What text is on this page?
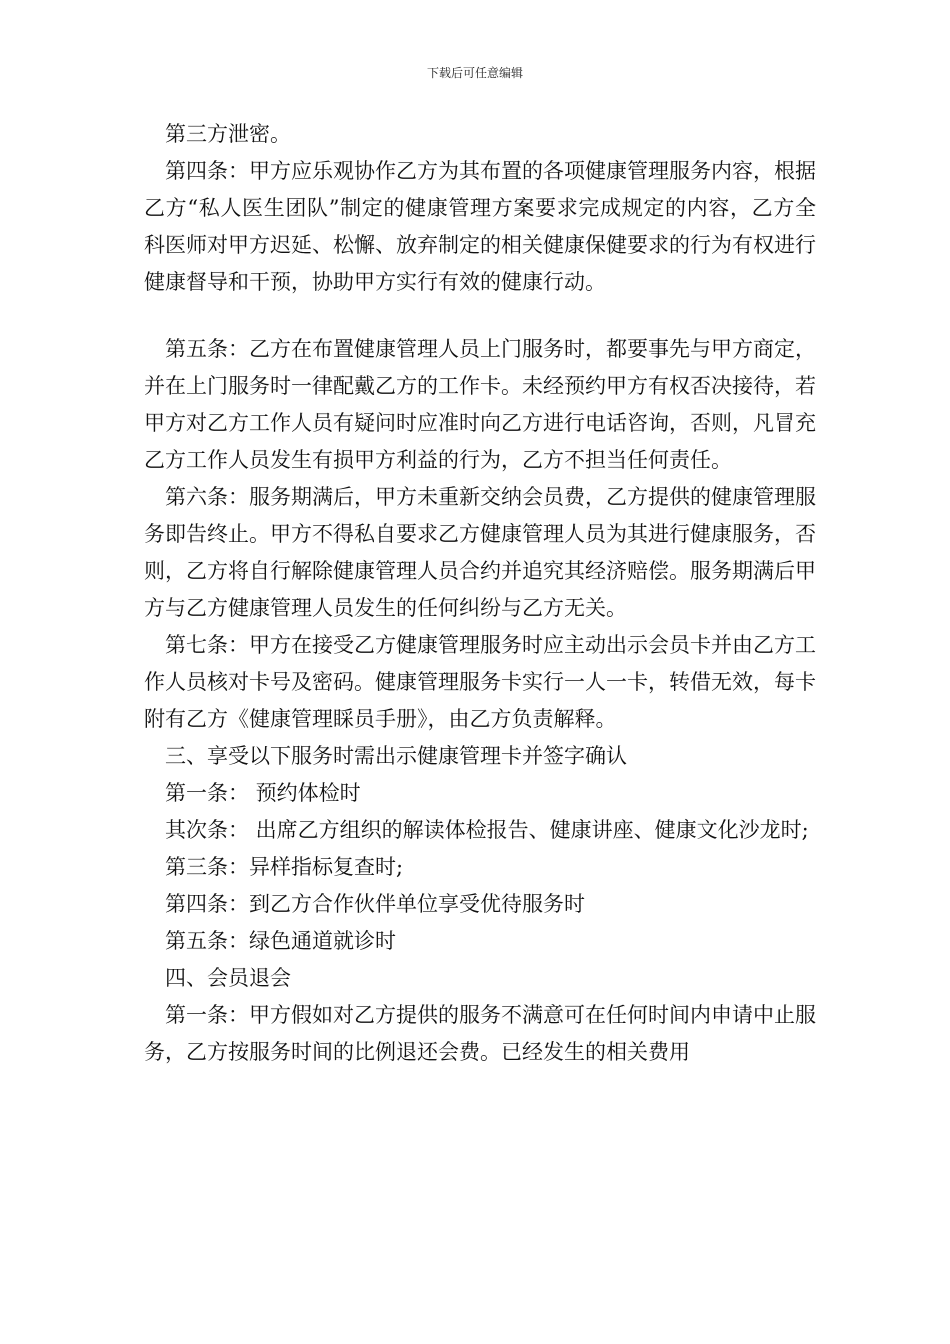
下载后可任意编辑

第三方泄密。

第四条：甲方应乐观协作乙方为其布置的各项健康管理服务内容，根据乙方“私人医生团队”制定的健康管理方案要求完成规定的内容，乙方全科医师对甲方迟延、松懈、放弃制定的相关健康保健要求的行为有权进行健康督导和干预，协助甲方实行有效的健康行动。

第五条：乙方在布置健康管理人员上门服务时，都要事先与甲方商定，并在上门服务时一律配戴乙方的工作卡。未经预约甲方有权否决接待，若甲方对乙方工作人员有疑问时应准时向乙方进行电话咨询，否则，凡冒充乙方工作人员发生有损甲方利益的行为，乙方不担当任何责任。

第六条：服务期满后，甲方未重新交纳会员费，乙方提供的健康管理服务即告终止。甲方不得私自要求乙方健康管理人员为其进行健康服务，否则，乙方将自行解除健康管理人员合约并追究其经济赔偿。服务期满后甲方与乙方健康管理人员发生的任何纠纷与乙方无关。

第七条：甲方在接受乙方健康管理服务时应主动出示会员卡并由乙方工作人员核对卡号及密码。健康管理服务卡实行一人一卡，转借无效，每卡附有乙方《健康管理睬员手册》，由乙方负责解释。

三、享受以下服务时需出示健康管理卡并签字确认

第一条： 预约体检时

其次条： 出席乙方组织的解读体检报告、健康讲座、健康文化沙龙时;

第三条：异样指标复查时;

第四条：到乙方合作伙伴单位享受优待服务时

第五条：绿色通道就诊时

四、会员退会

第一条：甲方假如对乙方提供的服务不满意可在任何时间内申请中止服务，乙方按服务时间的比例退还会费。已经发生的相关费用
